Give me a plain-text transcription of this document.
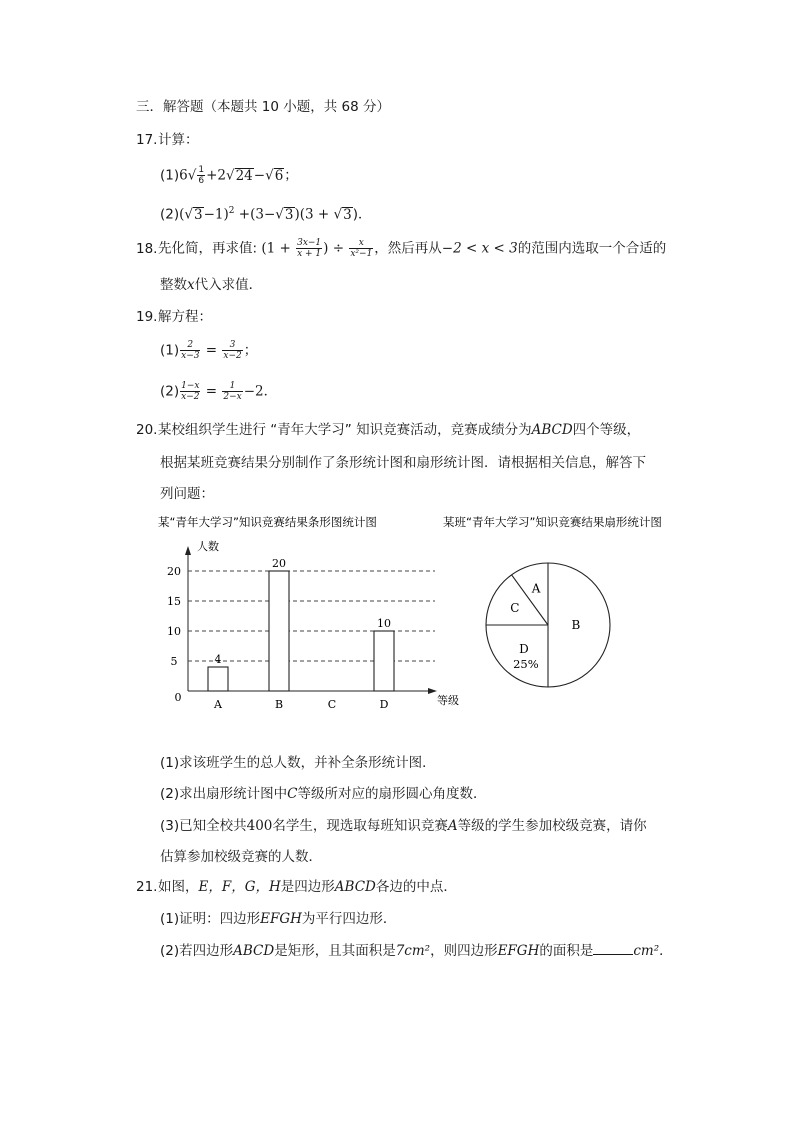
三．解答题（本题共 10 小题，共 68 分）
17.计算：
$(1)6√ \frac{1}{6} +2√24-√6$；
$(2)(√3-1)^2 +(3-√3)(3 + √3)$．
18.先化简，再求值: ($1 + \frac{3x-1}{x + 1}$ ) ÷ $\frac{x}{\text{x²−1}}$ ，然后再从−2 < x < 3的范围内选取一个合适的
整数x代入求值．
19.解方程：
$(1) \frac{2}{x-3} = \frac{3}{x-2}$ ；
$(2) \frac{1-x}{x-2} = \frac{1}{2-x} -2$．
20.某校组织学生进行 “青年大学习” 知识竞赛活动，竞赛成绩分为ABCD四个等级，
根据某班竞赛结果分别制作了条形统计图和扇形统计图．请根据相关信息，解答下
列问题：
某“青年大学习”知识竞赛结果条形图统计图
人数
等级
0
5
10
15
20
A
4
B
20
C	D
10
某班“青年大学习”知识竞赛结果扇形统计图
B
D
25%
C
A
(1)求该班学生的总人数，并补全条形统计图．
(2)求出扇形统计图中C等级所对应的扇形圆心角度数．
(3)已知全校共400名学生，现选取每班知识竞赛A等级的学生参加校级竞赛，请你
估算参加校级竞赛的人数．
21.如图，E，F，G，H是四边形ABCD各边的中点．
(1)证明：四边形EFGH为平行四边形．
(2)若四边形ABCD是矩形，且其面积是7cm²，则四边形EFGH的面积是	cm²．
